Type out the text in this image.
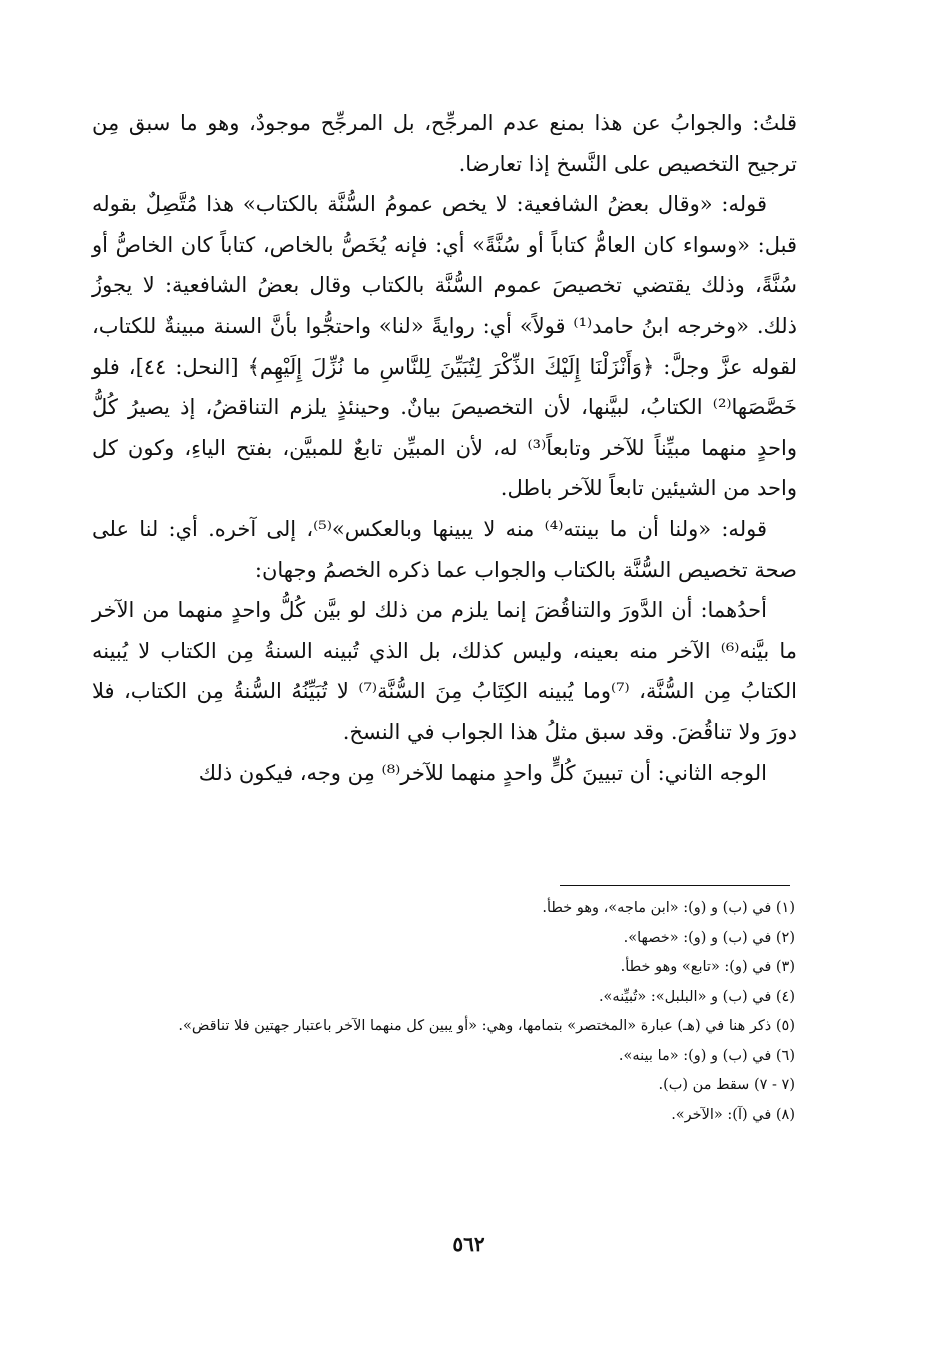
قلتُ: والجوابُ عن هذا بمنع عدم المرجِّح، بل المرجِّح موجودٌ، وهو ما سبق مِن ترجيح التخصيص على النَّسخ إذا تعارضا.

قوله: «وقال بعضُ الشافعية: لا يخص عمومُ السُّنَّة بالكتاب» هذا مُتَّصِلٌ بقوله قبل: «وسواء كان العامُّ كتاباً أو سُنَّةً» أي: فإنه يُخَصُّ بالخاص، كتاباً كان الخاصُّ أو سُنَّةً، وذلك يقتضي تخصيصَ عموم السُّنَّة بالكتاب وقال بعضُ الشافعية: لا يجوزُ ذلك. «وخرجه ابنُ حامد⁽¹⁾ قولاً» أي: روايةً «لنا» واحتجُّوا بأنَّ السنة مبينةٌ للكتاب، لقوله عزَّ وجلَّ: ﴿وَأَنْزَلْنَا إِلَيْكَ الذِّكْرَ لِتُبَيِّنَ لِلنَّاسِ ما نُزِّلَ إِلَيْهِم﴾ [النحل: ٤٤]، فلو خَصَّصَها⁽²⁾ الكتابُ، لبيَّنها، لأن التخصيصَ بيانٌ. وحينئذٍ يلزم التناقضُ، إذ يصيرُ كُلُّ واحدٍ منهما مبيِّناً للآخر وتابعاً⁽³⁾ له، لأن المبيِّن تابعٌ للمبيَّن، بفتح الياءِ، وكون كل واحد من الشيئين تابعاً للآخر باطل.

قوله: «ولنا أن ما بينته⁽⁴⁾ منه لا يبينها وبالعكس»⁽⁵⁾، إلى آخره. أي: لنا على صحة تخصيص السُّنَّة بالكتاب والجواب عما ذكره الخصمُ وجهان:

أحدُهما: أن الدَّورَ والتناقُضَ إنما يلزم من ذلك لو بيَّن كُلُّ واحدٍ منهما من الآخر ما بيَّنه⁽⁶⁾ الآخر منه بعينه، وليس كذلك، بل الذي تُبينه السنةُ مِن الكتاب لا يُبينه الكتابُ مِن السُّنَّة، ⁽⁷⁾وما يُبينه الكِتَابُ مِنَ السُّنَّة⁽⁷⁾ لا تُبَيِّنُهُ السُّنةُ مِن الكتاب، فلا دورَ ولا تناقُضَ. وقد سبق مثلُ هذا الجواب في النسخ.

الوجه الثاني: أن تبيينَ كُلٍّ واحدٍ منهما للآخر⁽⁸⁾ مِن وجه، فيكون ذلك

(١) في (ب) و (و): «ابن ماجه»، وهو خطأ.

(٢) في (ب) و (و): «خصها».

(٣) في (و): «تابع» وهو خطأ.

(٤) في (ب) و «البلبل»: «تُبيِّنه».

(٥) ذكر هنا في (هـ) عبارة «المختصر» بتمامها، وهي: «أو يبين كل منهما الآخر باعتبار جهتين فلا تناقض».

(٦) في (ب) و (و): «ما بينه».

(٧ - ٧) سقط من (ب).

(٨) في (آ): «الآخر».

٥٦٢
